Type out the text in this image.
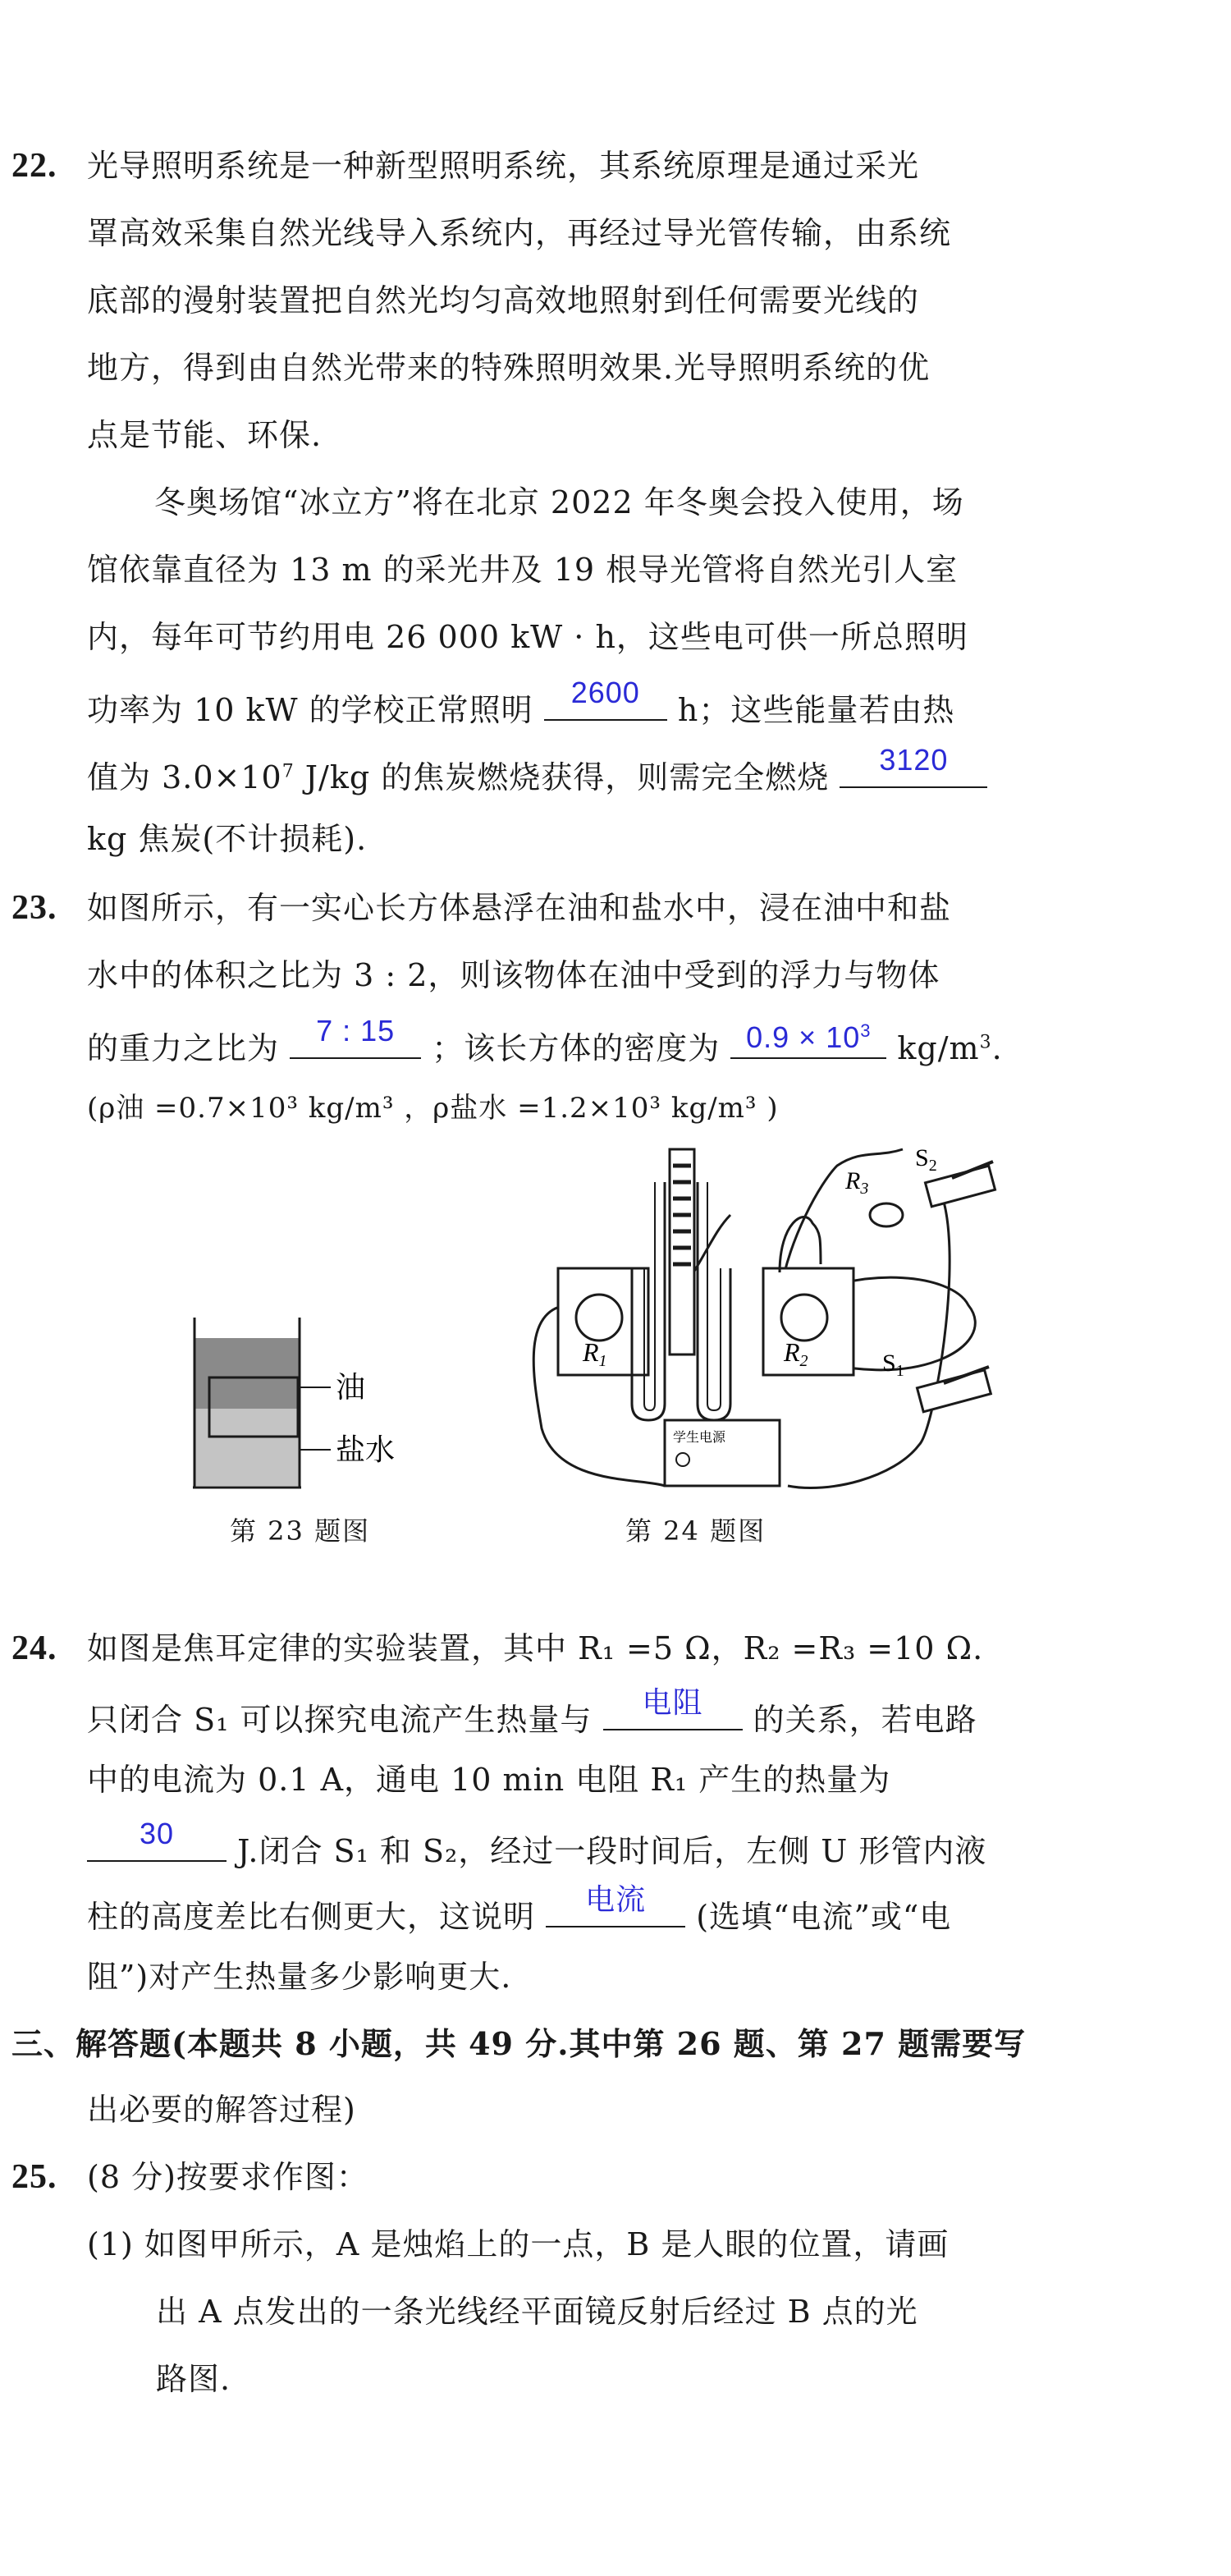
22. 光导照明系统是一种新型照明系统，其系统原理是通过采光
罩高效采集自然光线导入系统内，再经过导光管传输，由系统
底部的漫射装置把自然光均匀高效地照射到任何需要光线的
地方，得到由自然光带来的特殊照明效果.光导照明系统的优
点是节能、环保.
冬奥场馆“冰立方”将在北京 2022 年冬奥会投入使用，场
馆依靠直径为 13 m 的采光井及 19 根导光管将自然光引人室
内，每年可节约用电 26 000 kW · h，这些电可供一所总照明
功率为 10 kW 的学校正常照明	2600	h；这些能量若由热
值为 $3.0\times 10^7$ J/kg 的焦炭燃烧获得，则需完全燃烧	3120
kg 焦炭(不计损耗).
23. 如图所示，有一实心长方体悬浮在油和盐水中，浸在油中和盐
水中的体积之比为 3 : 2，则该物体在油中受到的浮力与物体
的重力之比为	7 : 15	；该长方体的密度为 $0.9 \times 10^3$ $kg/m^3$.
(ρ油 =0.7×10³ kg/m³ ，ρ盐水 =1.2×10³ kg/m³ )
油
盐水
第 23 题图
学生电源
R1	R2
$R_3$
$S_2$
$S_1$
第 24 题图
24. 如图是焦耳定律的实验装置，其中 R₁ =5 Ω，R₂ =R₃ =10 Ω.
只闭合 S₁ 可以探究电流产生热量与	电阻	的关系，若电路
中的电流为 0.1 A，通电 10 min 电阻 R₁ 产生的热量为
30	J.闭合 S₁ 和 S₂，经过一段时间后，左侧 U 形管内液
柱的高度差比右侧更大，这说明	电流	(选填“电流”或“电
阻”)对产生热量多少影响更大.
三、解答题(本题共 8 小题，共 49 分.其中第 26 题、第 27 题需要写
出必要的解答过程)
25. (8 分)按要求作图：
(1) 如图甲所示，A 是烛焰上的一点，B 是人眼的位置，请画
出 A 点发出的一条光线经平面镜反射后经过 B 点的光
路图.
